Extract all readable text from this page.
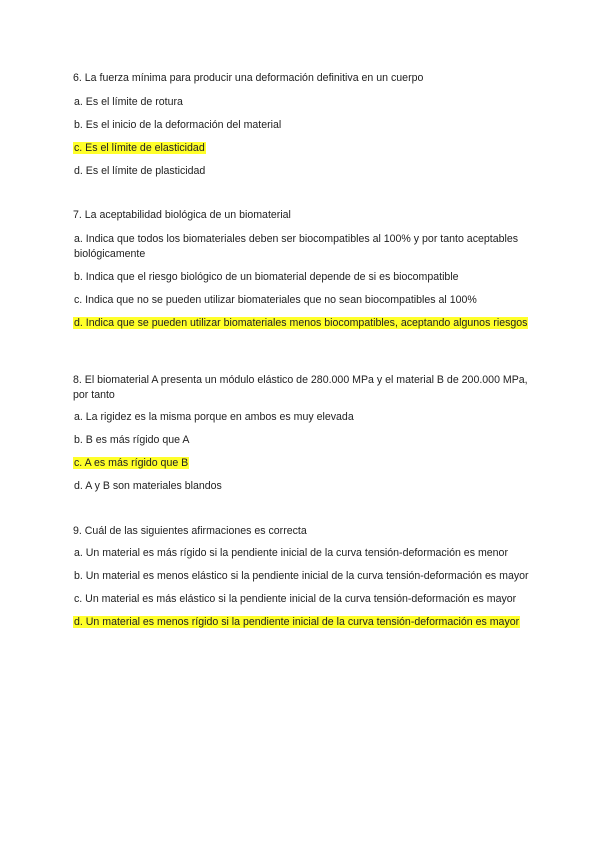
6. La fuerza mínima para producir una deformación definitiva en un cuerpo

a. Es el límite de rotura

b. Es el inicio de la deformación del material

c. Es el límite de elasticidad

d. Es el límite de plasticidad

7. La aceptabilidad biológica de un biomaterial

a. Indica que todos los biomateriales deben ser biocompatibles al 100% y por tanto aceptables biológicamente

b. Indica que el riesgo biológico de un biomaterial depende de si es biocompatible

c. Indica que no se pueden utilizar biomateriales que no sean biocompatibles al 100%

d. Indica que se pueden utilizar biomateriales menos biocompatibles, aceptando algunos riesgos

8. El biomaterial A presenta un módulo elástico de 280.000 MPa y el material B de 200.000 MPa, por tanto

a. La rigidez es la misma porque en ambos es muy elevada

b. B es más rígido que A

c. A es más rígido que B

d. A y B son materiales blandos

9. Cuál de las siguientes afirmaciones es correcta

a. Un material es más rígido si la pendiente inicial de la curva tensión-deformación es menor

b. Un material es menos elástico si la pendiente inicial de la curva tensión-deformación es mayor

c. Un material es más elástico si la pendiente inicial de la curva tensión-deformación es mayor

d. Un material es menos rígido si la pendiente inicial de la curva tensión-deformación es mayor
